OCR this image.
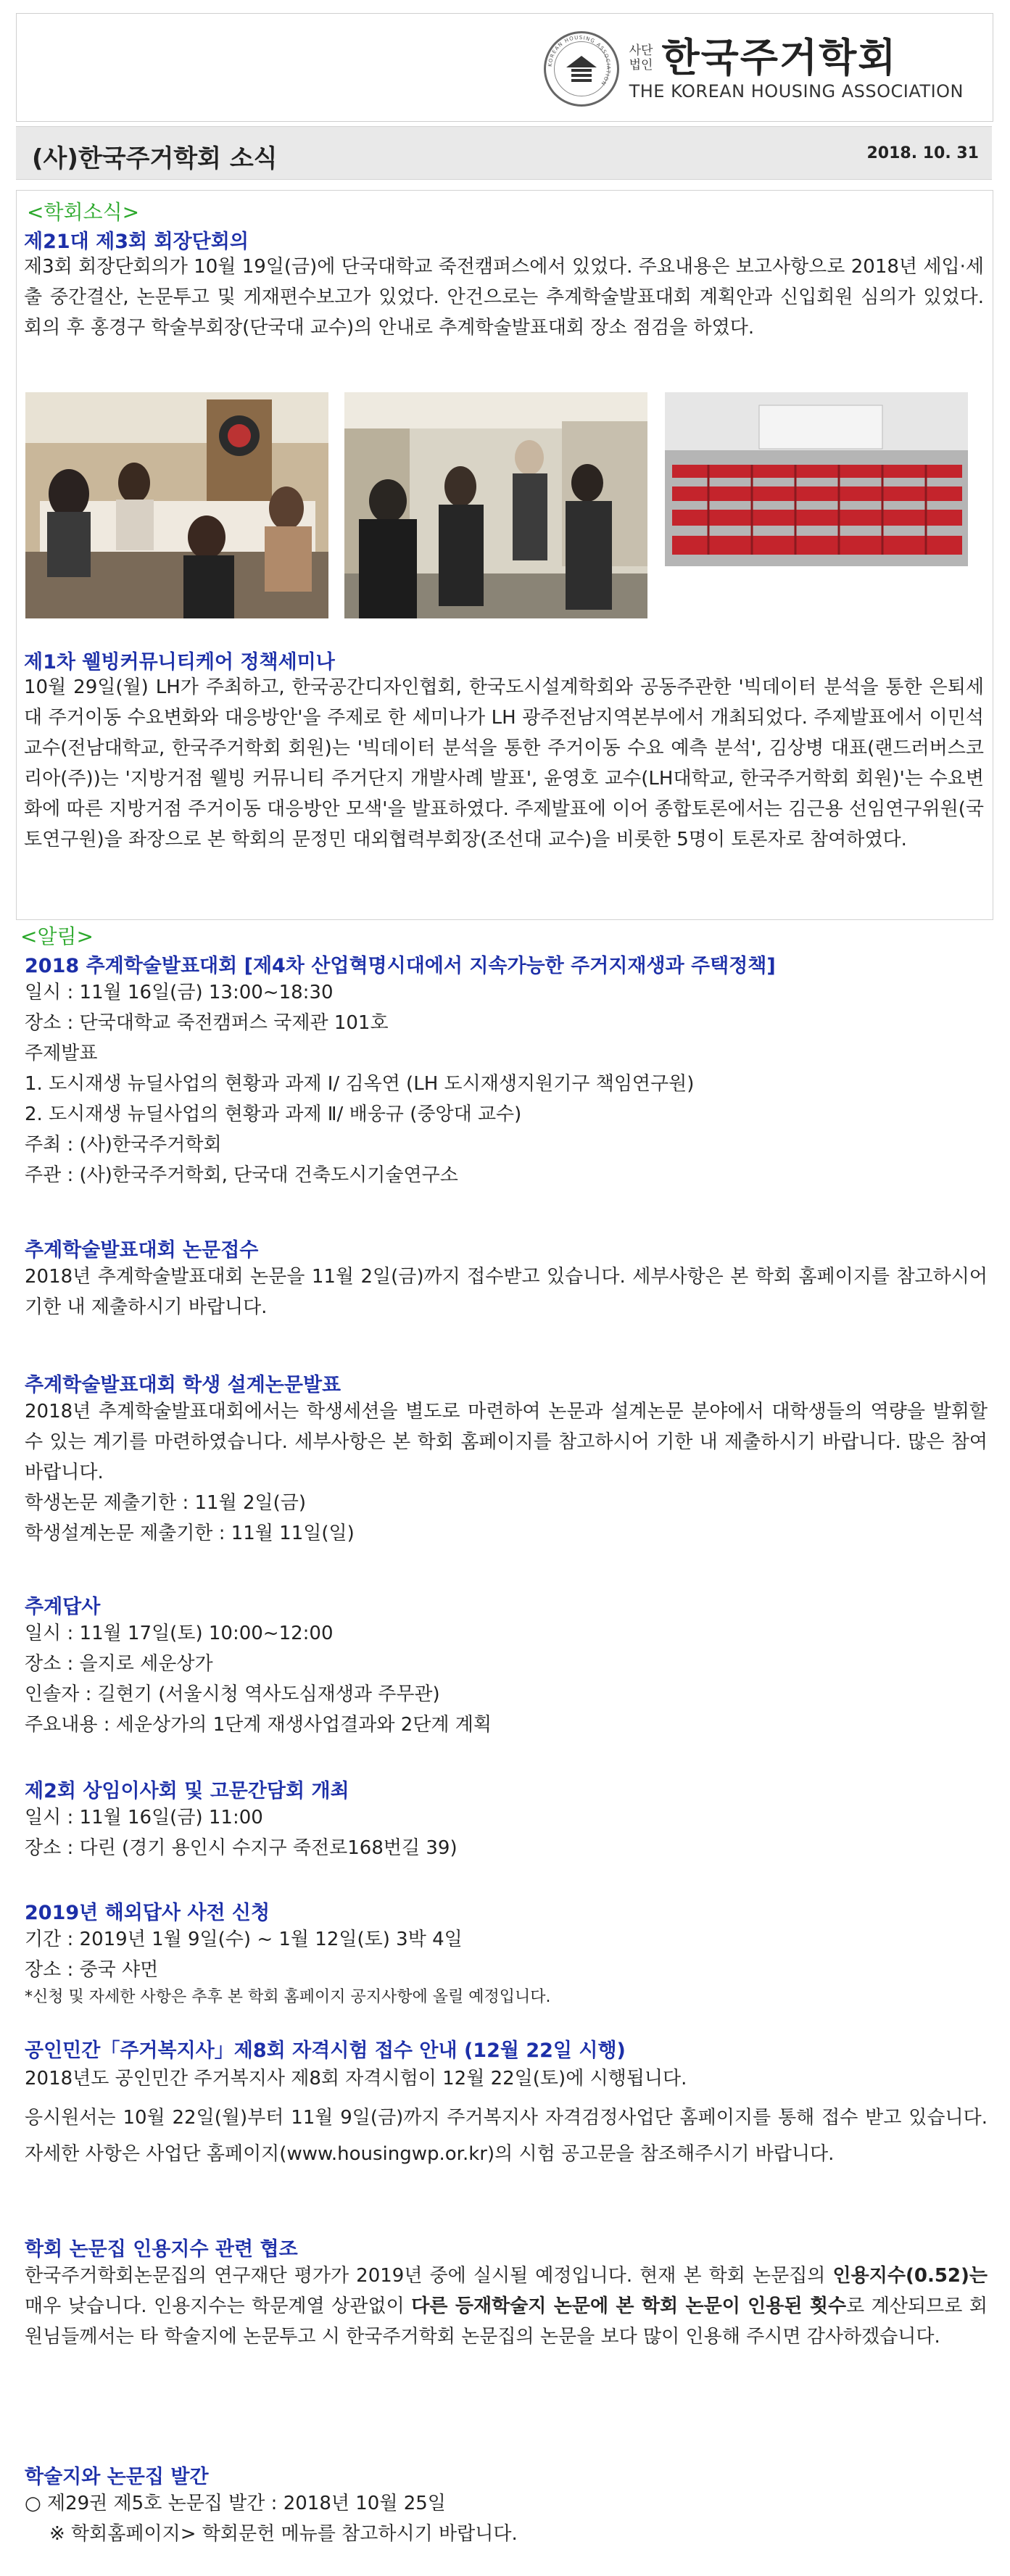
KOREAN HOUSING ASSOCIATION
사단
법인 한국주거학회
THE KOREAN HOUSING ASSOCIATION
(사)한국주거학회 소식	2018. 10. 31
<학회소식>
제21대 제3회 회장단회의
제3회 회장단회의가 10월 19일(금)에 단국대학교 죽전캠퍼스에서 있었다. 주요내용은 보고사항으로 2018년 세입·세출 중간결산, 논문투고 및 게재편수보고가 있었다. 안건으로는 추계학술발표대회 계획안과 신입회원 심의가 있었다. 회의 후 홍경구 학술부회장(단국대 교수)의 안내로 추계학술발표대회 장소 점검을 하였다.
제1차 웰빙커뮤니티케어 정책세미나
10월 29일(월) LH가 주최하고, 한국공간디자인협회, 한국도시설계학회와 공동주관한 '빅데이터 분석을 통한 은퇴세대 주거이동 수요변화와 대응방안'을 주제로 한 세미나가 LH 광주전남지역본부에서 개최되었다. 주제발표에서 이민석 교수(전남대학교, 한국주거학회 회원)는 '빅데이터 분석을 통한 주거이동 수요 예측 분석', 김상병 대표(랜드러버스코리아(주))는 '지방거점 웰빙 커뮤니티 주거단지 개발사례 발표', 윤영호 교수(LH대학교, 한국주거학회 회원)'는 수요변화에 따른 지방거점 주거이동 대응방안 모색'을 발표하였다. 주제발표에 이어 종합토론에서는 김근용 선임연구위원(국토연구원)을 좌장으로 본 학회의 문정민 대외협력부회장(조선대 교수)을 비롯한 5명이 토론자로 참여하였다.
<알림>
2018 추계학술발표대회 [제4차 산업혁명시대에서 지속가능한 주거지재생과 주택정책]
일시 : 11월 16일(금) 13:00~18:30
장소 : 단국대학교 죽전캠퍼스 국제관 101호
주제발표
1. 도시재생 뉴딜사업의 현황과 과제 Ⅰ/ 김옥연 (LH 도시재생지원기구 책임연구원)
2. 도시재생 뉴딜사업의 현황과 과제 Ⅱ/ 배웅규 (중앙대 교수)
주최 : (사)한국주거학회
주관 : (사)한국주거학회, 단국대 건축도시기술연구소
추계학술발표대회 논문접수
2018년 추계학술발표대회 논문을 11월 2일(금)까지 접수받고 있습니다. 세부사항은 본 학회 홈페이지를 참고하시어 기한 내 제출하시기 바랍니다.
추계학술발표대회 학생 설계논문발표
2018년 추계학술발표대회에서는 학생세션을 별도로 마련하여 논문과 설계논문 분야에서 대학생들의 역량을 발휘할 수 있는 계기를 마련하였습니다. 세부사항은 본 학회 홈페이지를 참고하시어 기한 내 제출하시기 바랍니다. 많은 참여 바랍니다.
학생논문 제출기한 : 11월 2일(금)
학생설계논문 제출기한 : 11월 11일(일)
추계답사
일시 : 11월 17일(토) 10:00~12:00
장소 : 을지로 세운상가
인솔자 : 길현기 (서울시청 역사도심재생과 주무관)
주요내용 : 세운상가의 1단계 재생사업결과와 2단계 계획
제2회 상임이사회 및 고문간담회 개최
일시 : 11월 16일(금) 11:00
장소 : 다린 (경기 용인시 수지구 죽전로168번길 39)
2019년 해외답사 사전 신청
기간 : 2019년 1월 9일(수) ~ 1월 12일(토) 3박 4일
장소 : 중국 샤먼
*신청 및 자세한 사항은 추후 본 학회 홈페이지 공지사항에 올릴 예정입니다.
공인민간「주거복지사」제8회 자격시험 접수 안내 (12월 22일 시행)
2018년도 공인민간 주거복지사 제8회 자격시험이 12월 22일(토)에 시행됩니다.
응시원서는 10월 22일(월)부터 11월 9일(금)까지 주거복지사 자격검정사업단 홈페이지를 통해 접수 받고 있습니다. 자세한 사항은 사업단 홈페이지(www.housingwp.or.kr)의 시험 공고문을 참조해주시기 바랍니다.
학회 논문집 인용지수 관련 협조
한국주거학회논문집의 연구재단 평가가 2019년 중에 실시될 예정입니다. 현재 본 학회 논문집의 인용지수(0.52)는 매우 낮습니다. 인용지수는 학문계열 상관없이 다른 등재학술지 논문에 본 학회 논문이 인용된 횟수로 계산되므로 회원님들께서는 타 학술지에 논문투고 시 한국주거학회 논문집의 논문을 보다 많이 인용해 주시면 감사하겠습니다.
학술지와 논문집 발간
○ 제29권 제5호 논문집 발간 : 2018년 10월 25일
※ 학회홈페이지> 학회문헌 메뉴를 참고하시기 바랍니다.
